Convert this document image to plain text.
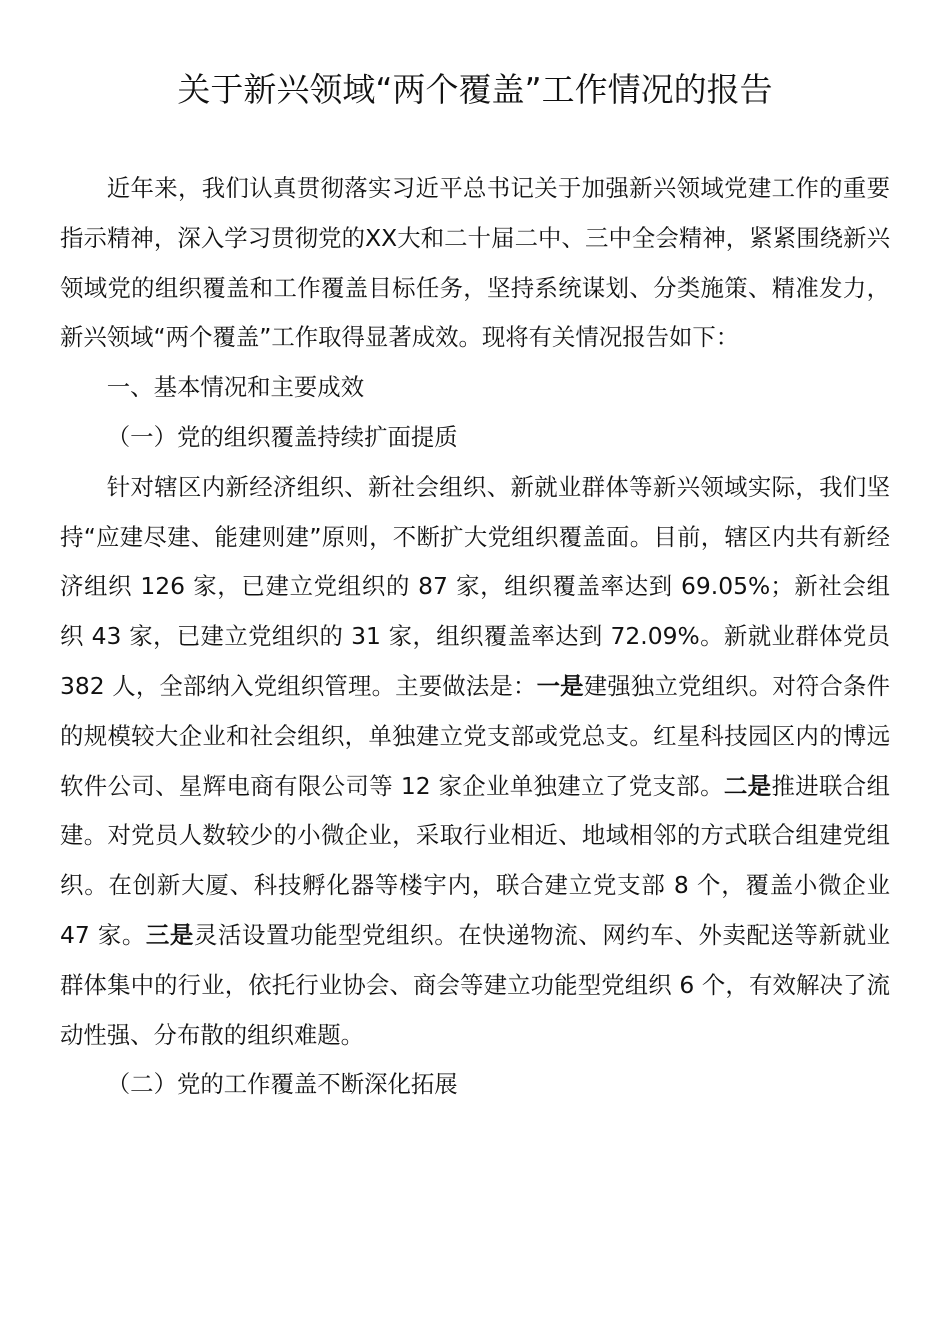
关于新兴领域“两个覆盖”工作情况的报告

近年来，我们认真贯彻落实习近平总书记关于加强新兴领域党建工作的重要指示精神，深入学习贯彻党的XX大和二十届二中、三中全会精神，紧紧围绕新兴领域党的组织覆盖和工作覆盖目标任务，坚持系统谋划、分类施策、精准发力，新兴领域“两个覆盖”工作取得显著成效。现将有关情况报告如下：

一、基本情况和主要成效
（一）党的组织覆盖持续扩面提质

针对辖区内新经济组织、新社会组织、新就业群体等新兴领域实际，我们坚持“应建尽建、能建则建”原则，不断扩大党组织覆盖面。目前，辖区内共有新经济组织 126 家，已建立党组织的 87 家，组织覆盖率达到 69.05%；新社会组织 43 家，已建立党组织的 31 家，组织覆盖率达到 72.09%。新就业群体党员 382 人，全部纳入党组织管理。主要做法是：一是建强独立党组织。对符合条件的规模较大企业和社会组织，单独建立党支部或党总支。红星科技园区内的博远软件公司、星辉电商有限公司等 12 家企业单独建立了党支部。二是推进联合组建。对党员人数较少的小微企业，采取行业相近、地域相邻的方式联合组建党组织。在创新大厦、科技孵化器等楼宇内，联合建立党支部 8 个，覆盖小微企业 47 家。三是灵活设置功能型党组织。在快递物流、网约车、外卖配送等新就业群体集中的行业，依托行业协会、商会等建立功能型党组织 6 个，有效解决了流动性强、分布散的组织难题。

（二）党的工作覆盖不断深化拓展
